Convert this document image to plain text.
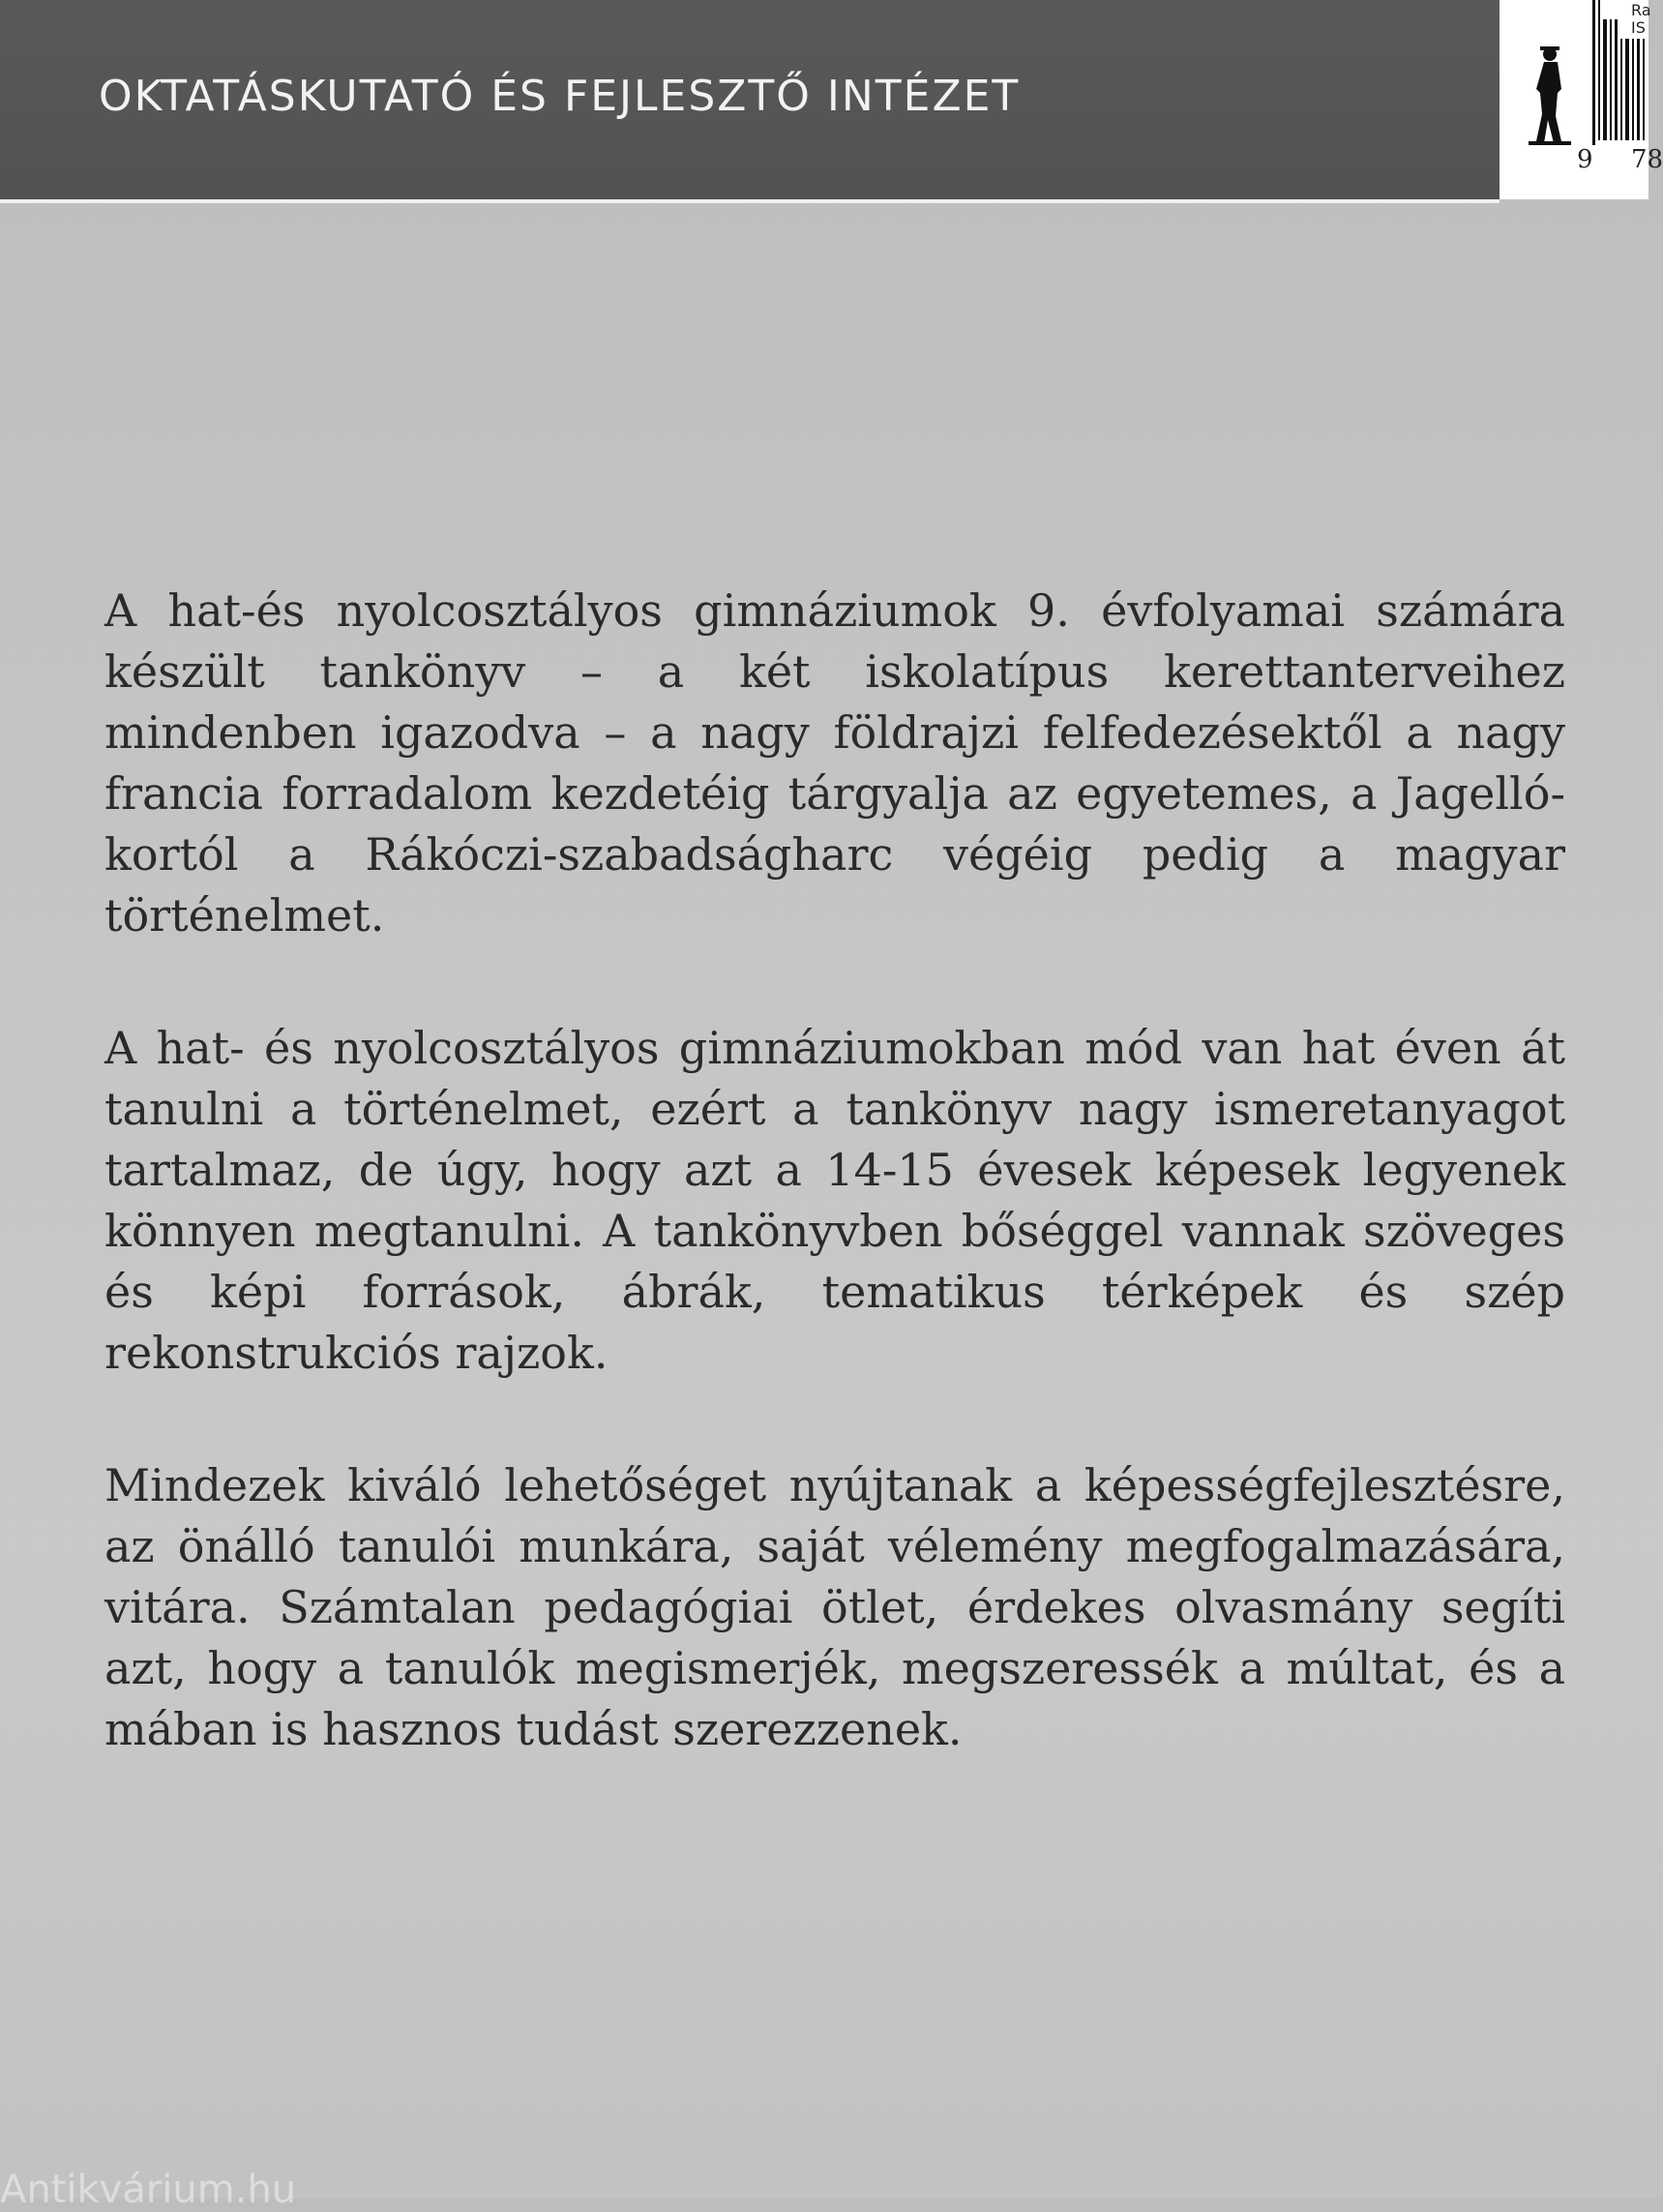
OKTATÁSKUTATÓ ÉS FEJLESZTŐ INTÉZET
Ra
IS
9 78

A hat-és nyolcosztályos gimnáziumok 9. évfolyamai számára készült tankönyv – a két iskolatípus kerettanterveihez mindenben igazodva – a nagy földrajzi felfedezésektől a nagy francia forradalom kezdetéig tárgyalja az egyetemes, a Jagelló-kortól a Rákóczi-szabadságharc végéig pedig a magyar történelmet.

A hat- és nyolcosztályos gimnáziumokban mód van hat éven át tanulni a történelmet, ezért a tankönyv nagy ismeretanyagot tartalmaz, de úgy, hogy azt a 14-15 évesek képesek legyenek könnyen megtanulni. A tankönyvben bőséggel vannak szöveges és képi források, ábrák, tematikus térképek és szép rekonstrukciós rajzok.

Mindezek kiváló lehetőséget nyújtanak a képességfejlesztésre, az önálló tanulói munkára, saját vélemény megfogalmazására, vitára. Számtalan pedagógiai ötlet, érdekes olvasmány segíti azt, hogy a tanulók megismerjék, megszeressék a múltat, és a mában is hasznos tudást szerezzenek.

Antikvárium.hu
